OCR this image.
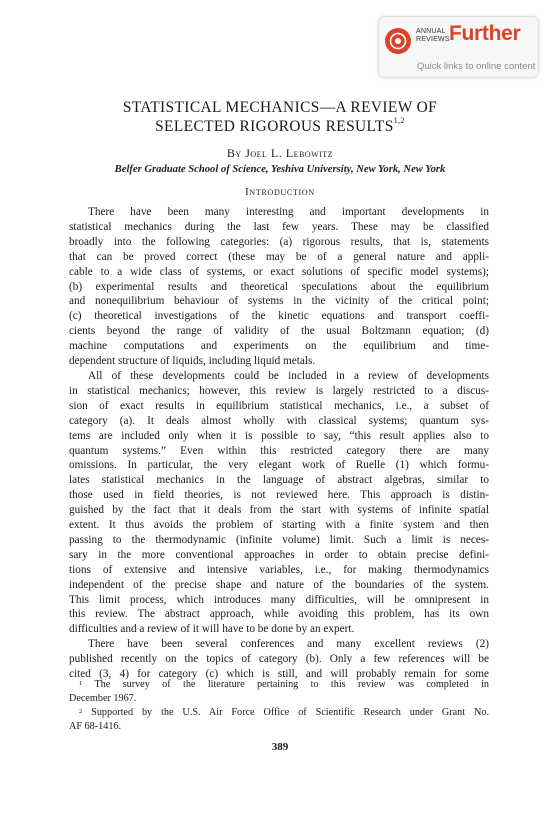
ANNUAL
REVIEWS Further
Quick links to online content
STATISTICAL MECHANICS—A REVIEW OF
SELECTED RIGOROUS RESULTS$^{1,2}$
By Joel L. Lebowitz
Belfer Graduate School of Science, Yeshiva University, New York, New York
Introduction

There have been many interesting and important developments in
statistical mechanics during the last few years. These may be classified
broadly into the following categories: (a) rigorous results, that is, statements
that can be proved correct (these may be of a general nature and appli-
cable to a wide class of systems, or exact solutions of specific model systems);
(b) experimental results and theoretical speculations about the equilibrium
and nonequilibrium behaviour of systems in the vicinity of the critical point;
(c) theoretical investigations of the kinetic equations and transport coeffi-
cients beyond the range of validity of the usual Boltzmann equation; (d)
machine computations and experiments on the equilibrium and time-
dependent structure of liquids, including liquid metals.

All of these developments could be included in a review of developments
in statistical mechanics; however, this review is largely restricted to a discus-
sion of exact results in equilibrium statistical mechanics, i.e., a subset of
category (a). It deals almost wholly with classical systems; quantum sys-
tems are included only when it is possible to say, “this result applies also to
quantum systems.” Even within this restricted category there are many
omissions. In particular, the very elegant work of Ruelle (1) which formu-
lates statistical mechanics in the language of abstract algebras, similar to
those used in field theories, is not reviewed here. This approach is distin-
guished by the fact that it deals from the start with systems of infinite spatial
extent. It thus avoids the problem of starting with a finite system and then
passing to the thermodynamic (infinite volume) limit. Such a limit is neces-
sary in the more conventional approaches in order to obtain precise defini-
tions of extensive and intensive variables, i.e., for making thermodynamics
independent of the precise shape and nature of the boundaries of the system.
This limit process, which introduces many difficulties, will be omnipresent in
this review. The abstract approach, while avoiding this problem, has its own
difficulties and a review of it will have to be done by an expert.

There have been several conferences and many excellent reviews (2)
published recently on the topics of category (b). Only a few references will be
cited (3, 4) for category (c) which is still, and will probably remain for some

$^1$ The survey of the literature pertaining to this review was completed in
December 1967.
$^2$ Supported by the U.S. Air Force Office of Scientific Research under Grant No.
AF 68-1416.
389
